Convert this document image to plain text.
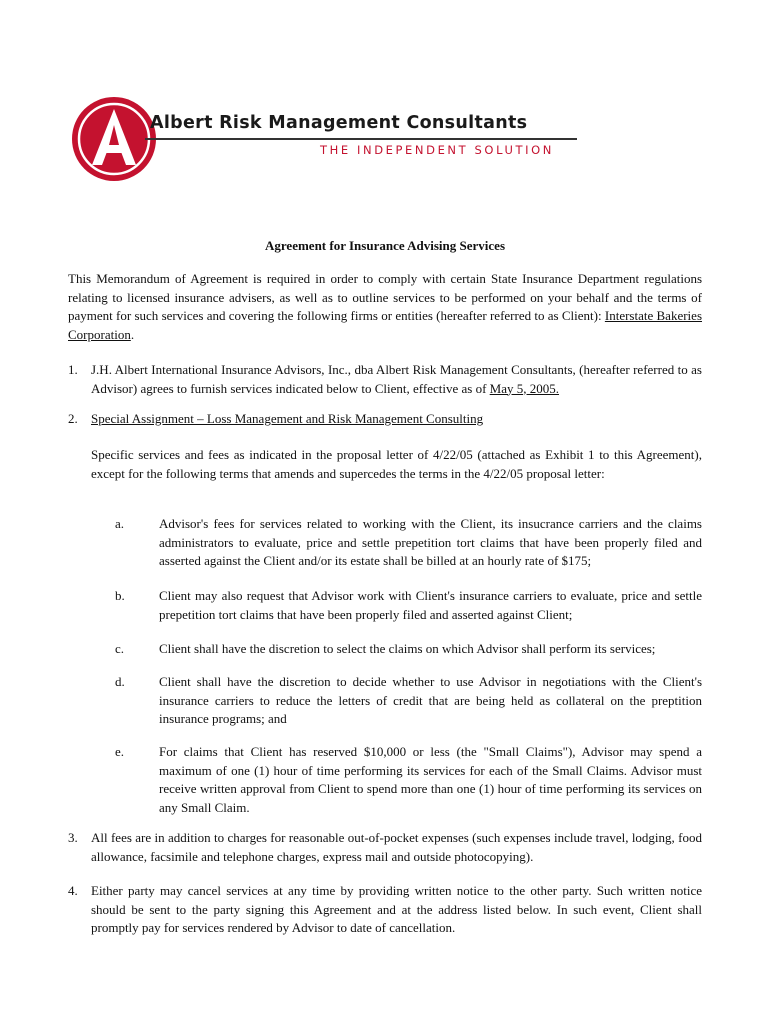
Albert Risk Management Consultants
THE INDEPENDENT SOLUTION
Agreement for Insurance Advising Services
This Memorandum of Agreement is required in order to comply with certain State Insurance Department regulations relating to licensed insurance advisers, as well as to outline services to be performed on your behalf and the terms of payment for such services and covering the following firms or entities (hereafter referred to as Client): Interstate Bakeries Corporation.
1. J.H. Albert International Insurance Advisors, Inc., dba Albert Risk Management Consultants, (hereafter referred to as Advisor) agrees to furnish services indicated below to Client, effective as of May 5, 2005.
2. Special Assignment – Loss Management and Risk Management Consulting
Specific services and fees as indicated in the proposal letter of 4/22/05 (attached as Exhibit 1 to this Agreement), except for the following terms that amends and supercedes the terms in the 4/22/05 proposal letter:
a.	Advisor's fees for services related to working with the Client, its insucrance carriers and the claims administrators to evaluate, price and settle prepetition tort claims that have been properly filed and asserted against the Client and/or its estate shall be billed at an hourly rate of $175;
b.	Client may also request that Advisor work with Client's insurance carriers to evaluate, price and settle prepetition tort claims that have been properly filed and asserted against Client;
c.	Client shall have the discretion to select the claims on which Advisor shall perform its services;
d.	Client shall have the discretion to decide whether to use Advisor in negotiations with the Client's insurance carriers to reduce the letters of credit that are being held as collateral on the preptition insurance programs; and
e.	For claims that Client has reserved $10,000 or less (the "Small Claims"), Advisor may spend a maximum of one (1) hour of time performing its services for each of the Small Claims. Advisor must receive written approval from Client to spend more than one (1) hour of time performing its services on any Small Claim.
3. All fees are in addition to charges for reasonable out-of-pocket expenses (such expenses include travel, lodging, food allowance, facsimile and telephone charges, express mail and outside photocopying).
4. Either party may cancel services at any time by providing written notice to the other party. Such written notice should be sent to the party signing this Agreement and at the address listed below. In such event, Client shall promptly pay for services rendered by Advisor to date of cancellation.
